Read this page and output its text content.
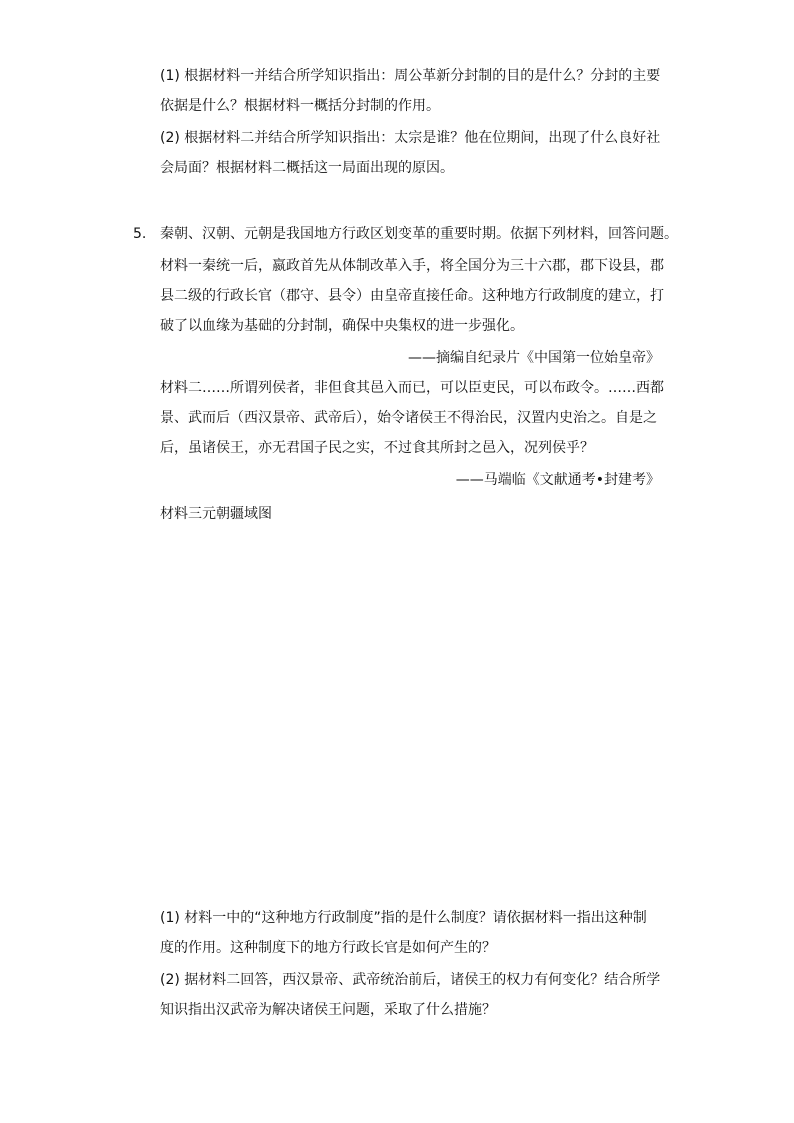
(1) 根据材料一并结合所学知识指出：周公革新分封制的目的是什么？分封的主要
依据是什么？根据材料一概括分封制的作用。
(2) 根据材料二并结合所学知识指出：太宗是谁？他在位期间，出现了什么良好社
会局面？根据材料二概括这一局面出现的原因。
5. 秦朝、汉朝、元朝是我国地方行政区划变革的重要时期。依据下列材料，回答问题。
材料一秦统一后，嬴政首先从体制改革入手，将全国分为三十六郡，郡下设县，郡
县二级的行政长官（郡守、县令）由皇帝直接任命。这种地方行政制度的建立，打
破了以血缘为基础的分封制，确保中央集权的进一步强化。
——摘编自纪录片《中国第一位始皇帝》
材料二……所谓列侯者，非但食其邑入而已，可以臣吏民，可以布政令。……西都
景、武而后（西汉景帝、武帝后），始令诸侯王不得治民，汉置内史治之。自是之
后，虽诸侯王，亦无君国子民之实，不过食其所封之邑入，况列侯乎？
——马端临《文献通考•封建考》
材料三元朝疆域图
(1) 材料一中的“这种地方行政制度”指的是什么制度？请依据材料一指出这种制
度的作用。这种制度下的地方行政长官是如何产生的？
(2) 据材料二回答，西汉景帝、武帝统治前后，诸侯王的权力有何变化？结合所学
知识指出汉武帝为解决诸侯王问题，采取了什么措施？
